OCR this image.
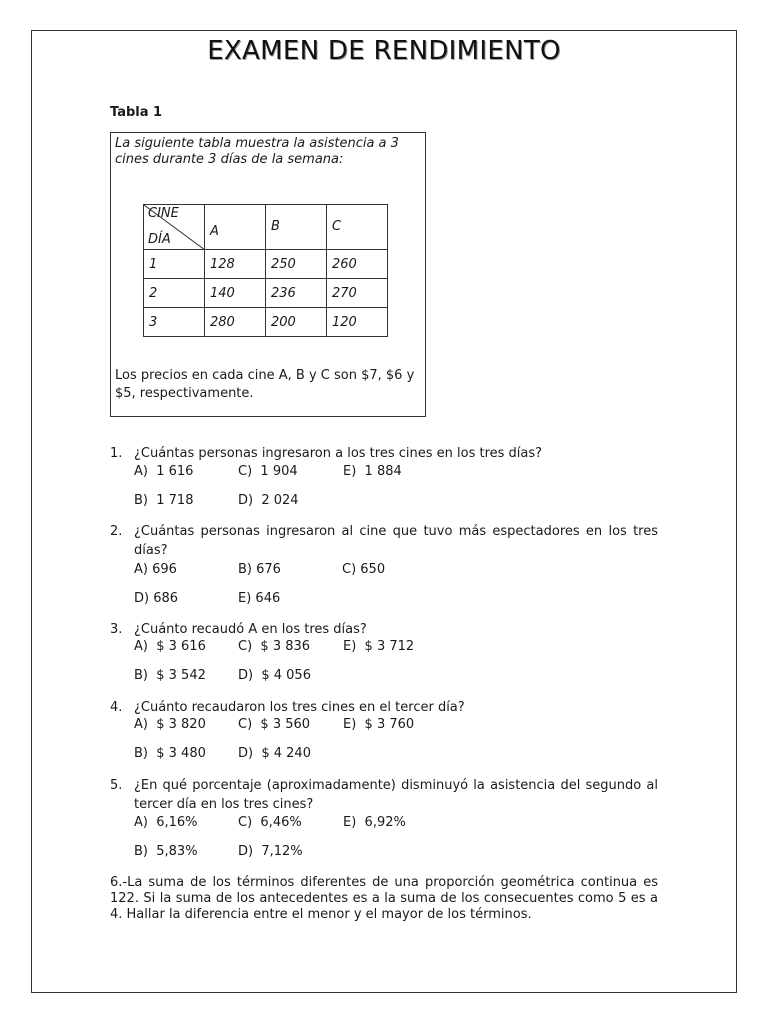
EXAMEN DE RENDIMIENTO
Tabla 1
La siguiente tabla muestra la asistencia a 3 cines durante 3 días de la semana:
CINE
DÍA	A	B	C
1	128	250	260
2	140	236	270
3	280	200	120
Los precios en cada cine A, B y C son $7, $6 y $5, respectivamente.
1. ¿Cuántas personas ingresaron a los tres cines en los tres días?
A)  1 616	C)  1 904	E)  1 884
B)  1 718	D)  2 024
2. ¿Cuántas personas ingresaron al cine que tuvo más espectadores en los tres días?
A) 696	B) 676	C) 650
D) 686	E) 646
3. ¿Cuánto recaudó A en los tres días?
A)  $ 3 616 C)  $ 3 836	E)  $ 3 712
B)  $ 3 542 D)  $ 4 056
4. ¿Cuánto recaudaron los tres cines en el tercer día?
A)  $ 3 820 C)  $ 3 560	E)  $ 3 760
B)  $ 3 480 D)  $ 4 240
5. ¿En qué porcentaje (aproximadamente) disminuyó la asistencia del segundo al tercer día en los tres cines?
A)  6,16%	C)  6,46%	E)  6,92%
B)  5,83%	D)  7,12%
6.-La suma de los términos diferentes de una proporción geométrica continua es 122. Si la suma de los antecedentes es a la suma de los consecuentes como 5 es a 4. Hallar la diferencia entre el menor y el mayor de los términos.
